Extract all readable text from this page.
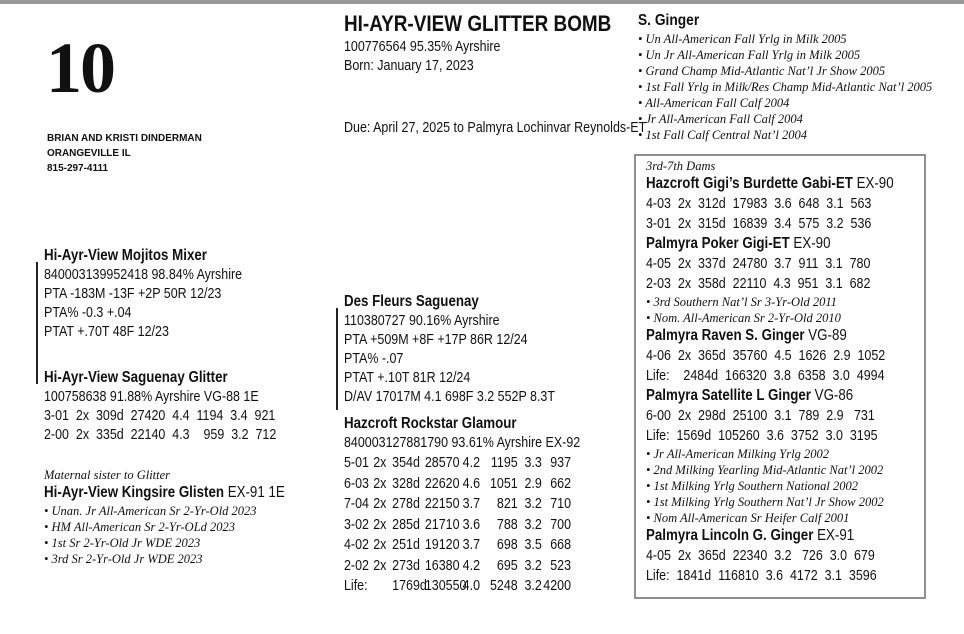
10
BRIAN AND KRISTI DINDERMAN
ORANGEVILLE IL
815-297-4111
HI-AYR-VIEW GLITTER BOMB
100776564 95.35% Ayrshire
Born: January 17, 2023
Due: April 27, 2025 to Palmyra Lochinvar Reynolds-ET
Hi-Ayr-View Mojitos Mixer
840003139952418 98.84% Ayrshire
PTA -183M -13F +2P 50R 12/23
PTA% -0.3 +.04
PTAT +.70T 48F 12/23
Hi-Ayr-View Saguenay Glitter
100758638 91.88% Ayrshire VG-88 1E
3-01  2x  309d  27420  4.4  1194  3.4  921
2-00  2x  335d  22140  4.3    959  3.2  712
Maternal sister to Glitter
Hi-Ayr-View Kingsire Glisten EX-91 1E
• Unan. Jr All-American Sr 2-Yr-Old 2023
• HM All-American Sr 2-Yr-OLd 2023
• 1st Sr 2-Yr-Old Jr WDE 2023
• 3rd Sr 2-Yr-Old Jr WDE 2023
Des Fleurs Saguenay
110380727 90.16% Ayrshire
PTA +509M +8F +17P 86R 12/24
PTA% -.07
PTAT +.10T 81R 12/24
D/AV 17017M 4.1 698F 3.2 552P 8.3T
Hazcroft Rockstar Glamour
840003127881790 93.61% Ayrshire EX-92
5-01 2x 354d 28570 4.2 1195 3.3 937
6-03 2x 328d 22620 4.6 1051 2.9 662
7-04 2x 278d 22150 3.7 821 3.2 710
3-02 2x 285d 21710 3.6 788 3.2 700
4-02 2x 251d 19120 3.7 698 3.5 668
2-02 2x 273d 16380 4.2 695 3.2 523
Life: 1769d1305504.0 5248 3.24200
S. Ginger
• Un All-American Fall Yrlg in Milk 2005
• Un Jr All-American Fall Yrlg in Milk 2005
• Grand Champ Mid-Atlantic Nat’l Jr Show 2005
• 1st Fall Yrlg in Milk/Res Champ Mid-Atlantic Nat’l 2005
• All-American Fall Calf 2004
• Jr All-American Fall Calf 2004
• 1st Fall Calf Central Nat’l 2004
3rd-7th Dams
Hazcroft Gigi’s Burdette Gabi-ET EX-90
4-03  2x  312d  17983  3.6  648  3.1  563
3-01  2x  315d  16839  3.4  575  3.2  536
Palmyra Poker Gigi-ET EX-90
4-05  2x  337d  24780  3.7  911  3.1  780
2-03  2x  358d  22110  4.3  951  3.1  682
• 3rd Southern Nat’l Sr 3-Yr-Old 2011
• Nom. All-American Sr 2-Yr-Old 2010
Palmyra Raven S. Ginger VG-89
4-06  2x  365d  35760  4.5  1626  2.9  1052
Life:    2484d  166320  3.8  6358  3.0  4994
Palmyra Satellite L Ginger VG-86
6-00  2x  298d  25100  3.1  789  2.9   731
Life:  1569d  105260  3.6  3752  3.0  3195
• Jr All-American Milking Yrlg 2002
• 2nd Milking Yearling Mid-Atlantic Nat’l 2002
• 1st Milking Yrlg Southern National 2002
• 1st Milking Yrlg Southern Nat’l Jr Show 2002
• Nom All-American Sr Heifer Calf 2001
Palmyra Lincoln G. Ginger EX-91
4-05  2x  365d  22340  3.2   726  3.0  679
Life:  1841d  116810  3.6  4172  3.1  3596
